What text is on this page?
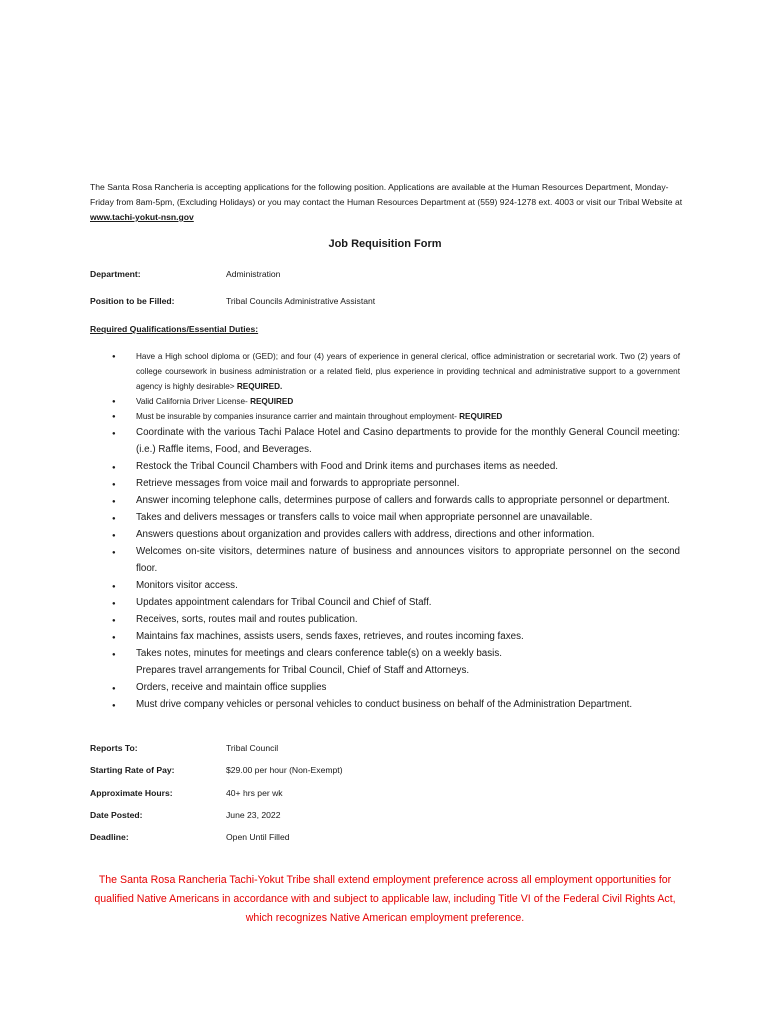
The Santa Rosa Rancheria is accepting applications for the following position. Applications are available at the Human Resources Department, Monday-Friday from 8am-5pm, (Excluding Holidays) or you may contact the Human Resources Department at (559) 924-1278 ext. 4003 or visit our Tribal Website at www.tachi-yokut-nsn.gov
Job Requisition Form
Department:	Administration
Position to be Filled:	Tribal Councils Administrative Assistant
Required Qualifications/Essential Duties:
● Have a High school diploma or (GED); and four (4) years of experience in general clerical, office administration or secretarial work. Two (2) years of college coursework in business administration or a related field, plus experience in providing technical and administrative support to a government agency is highly desirable> REQUIRED.
● Valid California Driver License- REQUIRED
● Must be insurable by companies insurance carrier and maintain throughout employment- REQUIRED
● Coordinate with the various Tachi Palace Hotel and Casino departments to provide for the monthly General Council meeting: (i.e.) Raffle items, Food, and Beverages.
● Restock the Tribal Council Chambers with Food and Drink items and purchases items as needed.
● Retrieve messages from voice mail and forwards to appropriate personnel.
● Answer incoming telephone calls, determines purpose of callers and forwards calls to appropriate personnel or department.
● Takes and delivers messages or transfers calls to voice mail when appropriate personnel are unavailable.
● Answers questions about organization and provides callers with address, directions and other information.
● Welcomes on-site visitors, determines nature of business and announces visitors to appropriate personnel on the second    floor.
● Monitors visitor access.
● Updates appointment calendars for Tribal Council and Chief of Staff.
● Receives, sorts, routes mail and routes publication.
● Maintains fax machines, assists users, sends faxes, retrieves, and routes incoming faxes.
● Takes notes, minutes for meetings and clears conference table(s) on a weekly basis.
Prepares travel arrangements for Tribal Council, Chief of Staff and Attorneys.
● Orders, receive and maintain office supplies
● Must drive company vehicles or personal vehicles to conduct business on behalf of the Administration Department.
Reports To:	Tribal Council
Starting Rate of Pay:	$29.00 per hour (Non-Exempt)
Approximate Hours:	40+ hrs per wk
Date Posted:	June 23, 2022
Deadline:	Open Until Filled
The Santa Rosa Rancheria Tachi-Yokut Tribe shall extend employment preference across all employment opportunities for qualified Native Americans in accordance with and subject to applicable law, including Title VI of the Federal Civil Rights Act, which recognizes Native American employment preference.
